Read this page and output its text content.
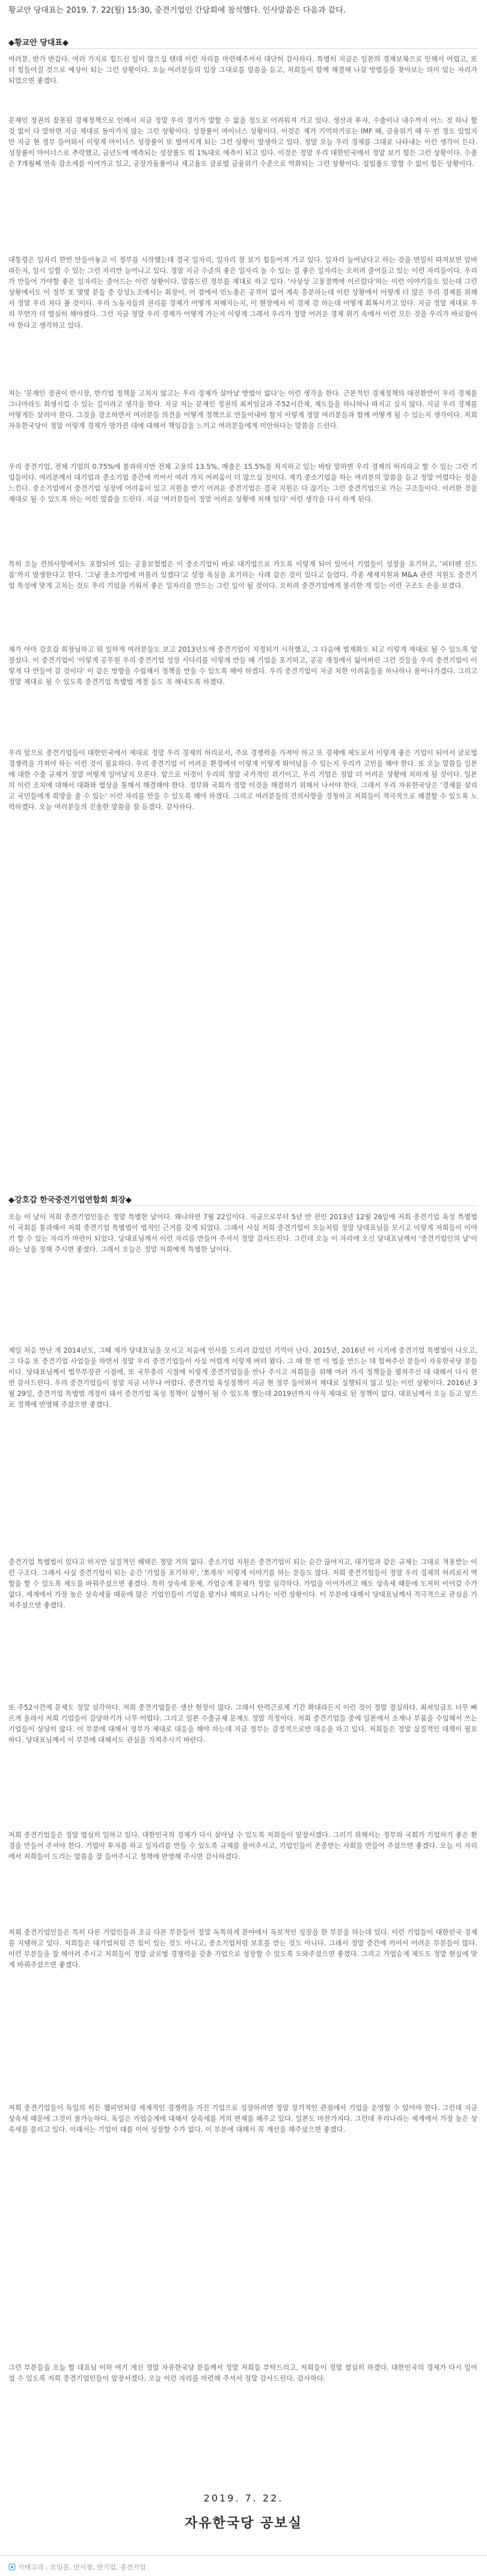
황교안 당대표는 2019. 7. 22(월) 15:30, 중견기업인 간담회에 참석했다. 인사말씀은 다음과 같다.
◆황교안 당대표◆
여러분, 반가 반갑다. 여러 가지로 힘드신 일이 많으실 텐데 이런 자리를 마련해주셔서 대단히 감사하다. 특별히 지금은 일본의 경제보복으로 인해서 어렵고, 또 더 힘들어질 것으로 예상이 되는 그런 상황이다. 오늘 여러분들의 입장 그대로를 말씀을 듣고, 저희들이 함께 해결해 나갈 방법들을 찾아보는 의미 있는 자리가 되었으면 좋겠다.
문재인 정권의 잘못된 경제정책으로 인해서 지금 정말 우리 경기가 말할 수 없을 정도로 어려워져 가고 있다. 생산과 투자, 수출이나 내수까지 어느 것 하나 할 것 없이 다 말하면 지금 제대로 돌아가지 않는 그런 상황이다. 성장률이 마이너스 상황이다. 이것은 제가 기억하기로는 IMF 때, 금융위기 때 두 번 정도 있었지만 지금 현 정부 들어와서 이렇게 마이너스 성장률이 또 벌어지게 되는 그런 상황이 발생하고 있다. 정말 오늘 우리 경제를 그대로 나타내는 이런 생각이 든다. 성장률이 마이너스로 추락했고, 금년도에 예측되는 성장률도 뭐 1%대로 예측이 되고 있다. 이것은 정말 우리 대한민국에서 정말 보기 힘든 그런 상황이다. 수출은 7개월째 연속 감소세를 이어가고 있고, 공장가동률이나 재고율도 글로벌 금융위기 수준으로 악화되는 그런 상황이다. 실업률도 말할 수 없이 힘든 상황이다.
대통령은 일자리 한번 만들어놓고 이 정부를 시작했는데 결국 일자리, 일자리 창 보기 힘들어져 가고 있다. 일자리 늘어났다고 하는 것을 면밀히 따져보면 알바라든지, 일시 일할 수 있는 그런 자리만 늘어나고 있다. 정말 지금 수준의 좋은 일자리 놀 수 있는 질 좋은 일자리는 오히려 줄어들고 있는 이런 자리들이다. 우리가 만들어 가야할 좋은 일자리는 줄어드는 이런 상황이다. 말씀드린 정부를 제대로 하고 있다. '사상상 고용절벽에 이르렀다'하는 이런 이야기들도 있는데 그런 상황에서도 이 정부 또 몇몇 분들 중 강성노조에서는 회장이, 이 점에서 민노총은 공격이 없어 계속 흥분하는데 이런 상황에서 어떻게 더 많은 우리 경제를 위해서 정말 우리 쳐다 볼 것이다. 우리 노동자들의 권리를 경제가 어떻게 저해지는지, 이 현장에서 이 경제 강 하는데 어떻게 회복시키고 있다. 지금 정말 제대로 우리 무언가 더 열심히 해야겠다. 그런 지금 정말 우리 경제가 어떻게 가는지 이렇게 그래서 우리가 정말 어려운 경제 위기 속에서 이런 모든 것을 우리가 바로잡아야 한다고 생각하고 있다.
저는 '문재인 정권이 반시장, 반기업 정책을 고치지 않고는 우리 경제가 살아날 방법이 없다'는 이런 생각을 한다. 근본적인 경제정책의 대전환만이 우리 경제를 그나마라도 회생시킬 수 있는 길이라고 생각을 한다. 지금 저는 문재인 정권의 최저임금과 주52시간제, 제도들을 하나하나 따지고 싶지 않다. 지금 우리 경제를 어떻게든 살려야 한다. 그것을 강조하면서 여러분들 의견을 어떻게 정책으로 만들어내야 할지 이렇게 정말 여러분들과 함께 어떻게 될 수 있는지 생각이다. 저희 자유한국당이 정말 이렇게 경제가 망가진 데에 대해서 책임감을 느끼고 여러분들에게 미안하다는 말씀을 드린다.
우리 중견기업, 전체 기업의 0.75%에 불과하지만 전체 고용의 13.5%, 매출은 15.5%를 차지하고 있는 바탕 말하면 우리 경제의 허리라고 할 수 있는 그런 기업들이다. 여러분께서 대기업과 중소기업 중간에 끼어서 여러 가지 어려움이 더 많으실 것이다. 제가 중소기업을 하는 여러분의 말씀을 듣고 정말 어렵다는 것을 느낀다. 중소기업에서 중견기업 성장에 어려움이 있고 지원을 받기 어려운 중견기업은 결국 지원은 다 끊기는 그런 중견기업으로 가는 구조들이다. 이러한 것을 제대로 될 수 있도록 하는 이런 말씀을 드린다. 지금 '여러분들이 정말 어려운 상황에 처해 있다' 이런 생각을 다시 하게 된다.
특히 오늘 건의사항에서도 포함되어 있는 공용보험법은 이 중소기업이 바로 대기업으로 가도록 이렇게 되어 있어서 기업들이 성장을 포기하고, '피터팬 신드롬'까지 발생한다고 한다. '그냥 중소기업에 머물러 있겠다'고 성장 욕심을 포기하는 사례 같은 것이 있다고 들었다. 각종 세제지원과 M&A 관련 지원도 중견기업 특성에 맞게 고치는 것도 우리 기업을 키워서 좋은 일자리를 만드는 그런 일이 될 것이다. 오히려 중견기업에게 불리한 게 있는 이런 구조도 손을 보겠다.
제가 아마 강호갑 회장님하고 뭐 일하게 여러분들도 보고 2013년도에 중견기업이 지정되기 시작했고, 그 다음에 법제화도 되고 이렇게 제대로 될 수 있도록 앞장섰다. 이 중견기업이 '이렇게 공무원 우리 중견기업 성장 사다리를 이렇게 만들 때 기업을 포기하고, 공공 재정에서 잃어버린 그런 것들을 우리 중견기업이 이렇게 다 만들어 갈 것이다' 이 같은 방향을 수립해서 정책을 만들 수 있도록 해야 하겠다. 우리 중견기업이 지금 처한 어려움들을 하나하나 풀어나가겠다. 그리고 정말 제대로 될 수 있도록 중견기업 특별법 개정 등도 꼭 해내도록 하겠다.
우리 앞으로 중견기업들이 대한민국에서 제대로 정말 우리 경제의 허리로서, 주요 경쟁력을 가져야 하고 또 경제에 제도로서 이렇게 좋은 기업이 되어서 글로벌 경쟁력을 가져야 하는 이런 것이 필요하다. 우리 중견기업 이 어려운 환경에서 이렇게 어떻게 뛰어넘을 수 있는지 우리가 고민을 해야 한다. 또 오늘 말씀들 일본에 대한 수출 규제가 정말 어떻게 일어날지 모른다. 앞으로 이것이 우리의 정말 국가적인 위기이고, 우리 기업은 정말 더 어려운 상황에 처하게 될 것이다. 일본의 이런 조치에 대해서 대화와 협상을 통해서 해결해야 한다. 정부와 국회가 정말 이것을 해결하기 위해서 나서야 한다. 그래서 우리 자유한국당은 '경제를 살리고 국민들에게 희망을 줄 수 있는' 이런 자리를 만들 수 있도록 해야 하겠다. 그리고 여러분들의 건의사항을 경청하고 저희들이 적극적으로 해결할 수 있도록 노력하겠다. 오늘 여러분들의 진솔한 말씀을 잘 듣겠다. 감사하다.
◆강호갑 한국중견기업연합회 회장◆
오늘 이 날이 저희 중견기업인들은 정말 특별한 날이다. 왜냐하면 7월 22일이다. 지금으로부터 5년 반 전인 2013년 12월 26일에 저희 중견기업 육성 특별법이 국회를 통과해서 저희 중견기업 특별법이 법적인 근거를 갖게 되었다. 그래서 사실 저희 중견기업이 오늘처럼 정말 당대표님을 모시고 이렇게 저희들이 이야기 할 수 있는 자리가 마련이 되었다. 당대표님께서 이런 자리를 만들어 주셔서 정말 감사드린다. 그런데 오늘 이 자리에 오신 당대표님께서 '중견기업인의 날'이라는 날을 정해 주시면 좋겠다. 그래서 오늘은 정말 저희에게 특별한 날이다.
제일 처음 만난 게 2014년도, 그때 제가 당대표님을 모시고 처음에 인사를 드리러 갔었던 기억이 난다. 2015년, 2016년 이 시기에 중견기업 특별법이 나오고, 그 다음 또 중견기업 사업들을 하면서 정말 우리 중견기업들이 사실 어렵게 이렇게 버텨 왔다. 그 때 한 번 이 법을 만드는 데 힘써주신 분들이 자유한국당 분들이다. 당대표님께서 법무부장관 시절에, 또 국무총리 시절에 이렇게 중견기업들을 만나 주시고 저희들을 위해 여러 가지 정책들을 펼쳐주신 데 대해서 다시 한 번 감사드린다. 우리 중견기업들이 정말 지금 너무나 어렵다. 중견기업 육성정책이 지금 현 정부 들어와서 제대로 실행되지 않고 있는 이런 상황이다. 2016년 3월 29일, 중견기업 특별법 개정이 돼서 중견기업 육성 정책이 실행이 될 수 있도록 했는데 2019년까지 아직 제대로 된 정책이 없다. 대표님께서 오늘 듣고 앞으로 정책에 반영해 주셨으면 좋겠다.
중견기업 특별법이 있다고 하지만 실질적인 혜택은 정말 거의 없다. 중소기업 지원은 중견기업이 되는 순간 끊어지고, 대기업과 같은 규제는 그대로 적용받는 이런 구조다. 그래서 사실 중견기업이 되는 순간 '기업을 포기하자', '쪼개자' 이렇게 이야기를 하는 분들도 많다. 저희 중견기업들이 정말 우리 경제의 허리로서 역할을 할 수 있도록 제도를 바꿔주셨으면 좋겠다. 특히 상속세 문제, 가업승계 문제가 정말 심각하다. 가업을 이어가려고 해도 상속세 때문에 도저히 이어갈 수가 없다. 세계에서 가장 높은 상속세율 때문에 많은 기업인들이 기업을 팔거나 해외로 나가는 이런 상황이다. 이 부분에 대해서 당대표님께서 적극적으로 관심을 가져주셨으면 좋겠다.
또 주52시간제 문제도 정말 심각하다. 저희 중견기업들은 생산 현장이 많다. 그래서 탄력근로제 기간 확대라든지 이런 것이 정말 절실하다. 최저임금도 너무 빠르게 올라서 저희 기업들이 감당하기가 너무 어렵다. 그리고 일본 수출규제 문제도 정말 걱정이다. 저희 중견기업들 중에 일본에서 소재나 부품을 수입해서 쓰는 기업들이 상당히 많다. 이 부분에 대해서 정부가 제대로 대응을 해야 하는데 지금 정부는 감정적으로만 대응을 하고 있다. 저희들은 정말 실질적인 대책이 필요하다. 당대표님께서 이 부분에 대해서도 관심을 가져주시기 바란다.
저희 중견기업들은 정말 열심히 일하고 있다. 대한민국의 경제가 다시 살아날 수 있도록 저희들이 앞장서겠다. 그러기 위해서는 정부와 국회가 기업하기 좋은 환경을 만들어 주셔야 한다. 기업이 투자를 하고 일자리를 만들 수 있도록 규제를 풀어주시고, 기업인들이 존중받는 사회를 만들어 주셨으면 좋겠다. 오늘 이 자리에서 저희들이 드리는 말씀을 잘 들어주시고 정책에 반영해 주시면 감사하겠다.
저희 중견기업인들은 특히 다른 기업인들과 조금 다른 부분들이 정말 독특하게 분야에서 독보적인 성장을 한 부분을 하는데 있다. 이런 기업들이 대한민국 경제를 지탱하고 있다. 저희들은 대기업처럼 큰 힘이 있는 것도 아니고, 중소기업처럼 보호를 받는 것도 아니다. 그래서 정말 중간에 끼어서 어려운 부분들이 많다. 이런 부분들을 잘 헤아려 주시고 저희들이 정말 글로벌 경쟁력을 갖춘 기업으로 성장할 수 있도록 도와주셨으면 좋겠다. 그리고 가업승계 제도도 정말 현실에 맞게 바꿔주셨으면 좋겠다.
저희 중견기업들이 독일의 히든 챔피언처럼 세계적인 경쟁력을 가진 기업으로 성장하려면 정말 장기적인 관점에서 기업을 운영할 수 있어야 한다. 그런데 지금 상속세 때문에 그것이 불가능하다. 독일은 가업승계에 대해서 상속세를 거의 면제를 해주고 있다. 일본도 마찬가지다. 그런데 우리나라는 세계에서 가장 높은 상속세를 물리고 있다. 이래서는 기업이 대를 이어 성장할 수가 없다. 이 부분에 대해서 꼭 개선을 해주셨으면 좋겠다.
그런 부분들을 오늘 할 대표님 이하 여기 계신 정말 자유한국당 분들께서 정말 저희들 부탁드리고, 저희들이 정말 열심히 하겠다. 대한민국의 경제가 다시 일어설 수 있도록 저희 중견기업인들이 앞장서겠다. 오늘 이런 자리를 마련해 주셔서 정말 감사드린다. 감사하다.
2019. 7. 22.
자유한국당 공보실
카테고리 : 모임을, 반시장, 반기업, 중견기업
